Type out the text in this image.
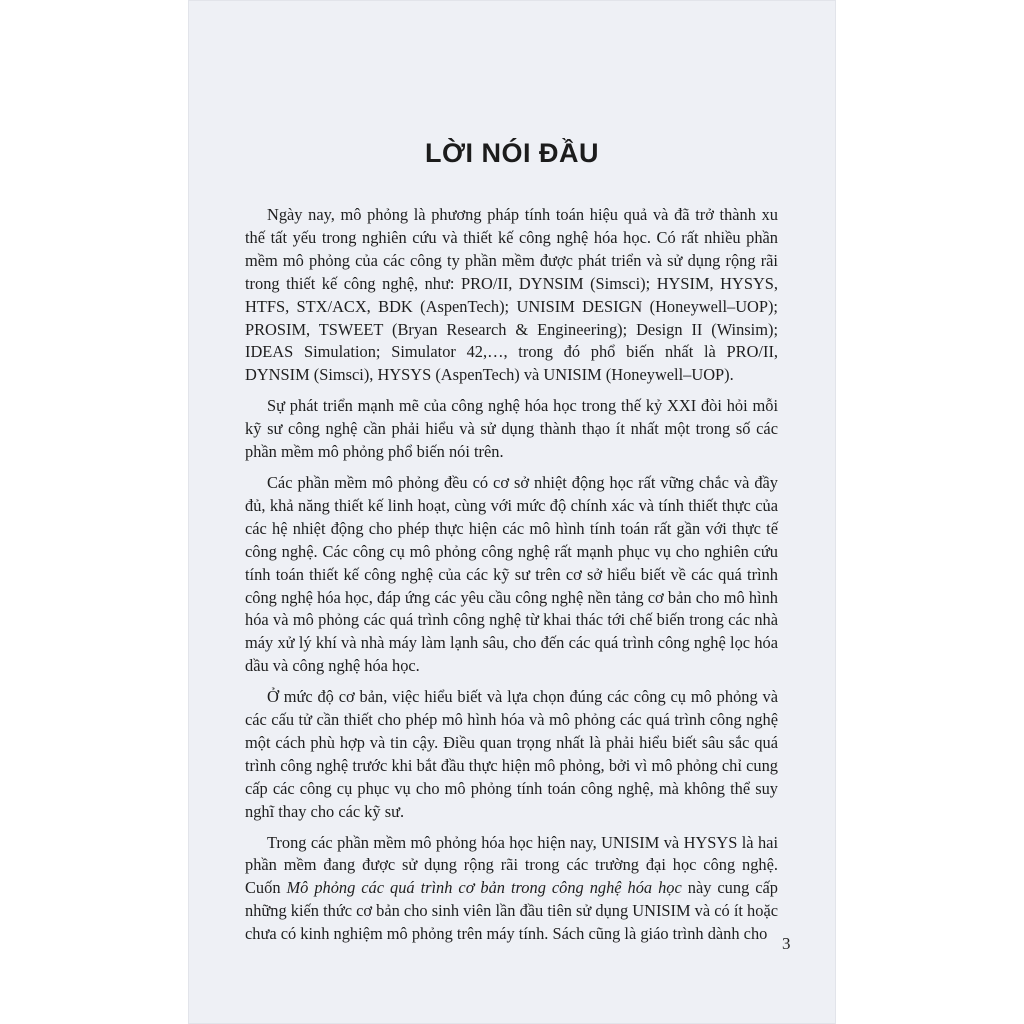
LỜI NÓI ĐẦU

Ngày nay, mô phỏng là phương pháp tính toán hiệu quả và đã trở thành xu thế tất yếu trong nghiên cứu và thiết kế công nghệ hóa học. Có rất nhiều phần mềm mô phỏng của các công ty phần mềm được phát triển và sử dụng rộng rãi trong thiết kế công nghệ, như: PRO/II, DYNSIM (Simsci); HYSIM, HYSYS, HTFS, STX/ACX, BDK (AspenTech); UNISIM DESIGN (Honeywell–UOP); PROSIM, TSWEET (Bryan Research & Engineering); Design II (Winsim); IDEAS Simulation; Simulator 42,…, trong đó phổ biến nhất là PRO/II, DYNSIM (Simsci), HYSYS (AspenTech) và UNISIM (Honeywell–UOP).

Sự phát triển mạnh mẽ của công nghệ hóa học trong thế kỷ XXI đòi hỏi mỗi kỹ sư công nghệ cần phải hiểu và sử dụng thành thạo ít nhất một trong số các phần mềm mô phỏng phổ biến nói trên.

Các phần mềm mô phỏng đều có cơ sở nhiệt động học rất vững chắc và đầy đủ, khả năng thiết kế linh hoạt, cùng với mức độ chính xác và tính thiết thực của các hệ nhiệt động cho phép thực hiện các mô hình tính toán rất gần với thực tế công nghệ. Các công cụ mô phỏng công nghệ rất mạnh phục vụ cho nghiên cứu tính toán thiết kế công nghệ của các kỹ sư trên cơ sở hiểu biết về các quá trình công nghệ hóa học, đáp ứng các yêu cầu công nghệ nền tảng cơ bản cho mô hình hóa và mô phỏng các quá trình công nghệ từ khai thác tới chế biến trong các nhà máy xử lý khí và nhà máy làm lạnh sâu, cho đến các quá trình công nghệ lọc hóa dầu và công nghệ hóa học.

Ở mức độ cơ bản, việc hiểu biết và lựa chọn đúng các công cụ mô phỏng và các cấu tử cần thiết cho phép mô hình hóa và mô phỏng các quá trình công nghệ một cách phù hợp và tin cậy. Điều quan trọng nhất là phải hiểu biết sâu sắc quá trình công nghệ trước khi bắt đầu thực hiện mô phỏng, bởi vì mô phỏng chỉ cung cấp các công cụ phục vụ cho mô phỏng tính toán công nghệ, mà không thể suy nghĩ thay cho các kỹ sư.

Trong các phần mềm mô phỏng hóa học hiện nay, UNISIM và HYSYS là hai phần mềm đang được sử dụng rộng rãi trong các trường đại học công nghệ. Cuốn Mô phỏng các quá trình cơ bản trong công nghệ hóa học này cung cấp những kiến thức cơ bản cho sinh viên lần đầu tiên sử dụng UNISIM và có ít hoặc chưa có kinh nghiệm mô phỏng trên máy tính. Sách cũng là giáo trình dành cho

3
